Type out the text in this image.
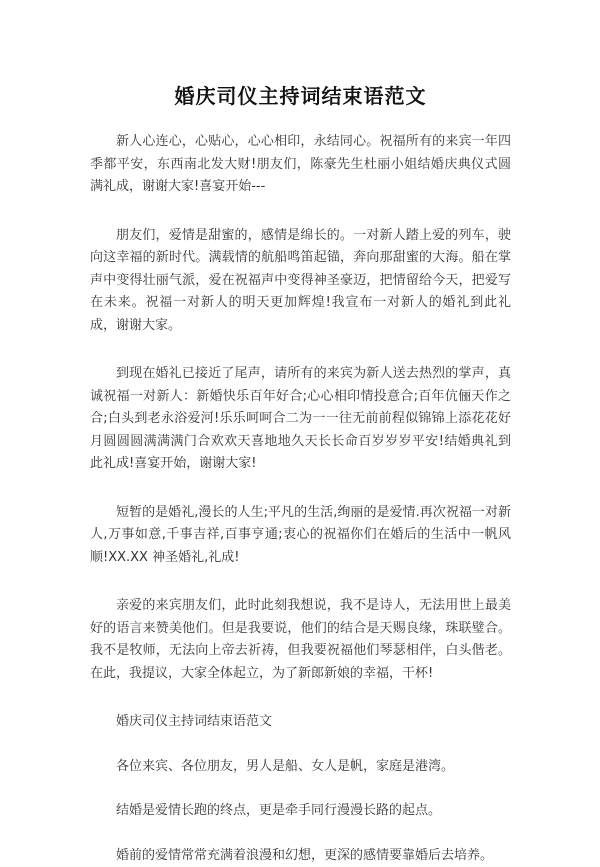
婚庆司仪主持词结束语范文

新人心连心，心贴心，心心相印，永结同心。祝福所有的来宾一年四季都平安，东西南北发大财!朋友们，陈豪先生杜丽小姐结婚庆典仪式圆满礼成，谢谢大家!喜宴开始---

朋友们，爱情是甜蜜的，感情是绵长的。一对新人踏上爱的列车，驶向这幸福的新时代。满载情的航船鸣笛起锚，奔向那甜蜜的大海。船在掌声中变得壮丽气派，爱在祝福声中变得神圣豪迈，把情留给今天，把爱写在未来。祝福一对新人的明天更加辉煌!我宣布一对新人的婚礼到此礼成，谢谢大家。

到现在婚礼已接近了尾声，请所有的来宾为新人送去热烈的掌声，真诚祝福一对新人：新婚快乐百年好合;心心相印情投意合;百年伉俪天作之合;白头到老永浴爱河!乐乐呵呵合二为一一往无前前程似锦锦上添花花好月圆圆圆满满满门合欢欢天喜地地久天长长命百岁岁岁平安!结婚典礼到此礼成!喜宴开始，谢谢大家!

短暂的是婚礼,漫长的人生;平凡的生活,绚丽的是爱情.再次祝福一对新人,万事如意,千事吉祥,百事亨通;衷心的祝福你们在婚后的生活中一帆风顺!XX.XX 神圣婚礼,礼成!

亲爱的来宾朋友们，此时此刻我想说，我不是诗人，无法用世上最美好的语言来赞美他们。但是我要说，他们的结合是天赐良缘，珠联璧合。我不是牧师，无法向上帝去祈祷，但我要祝福他们琴瑟相伴，白头偕老。在此，我提议，大家全体起立，为了新郎新娘的幸福，干杯!

婚庆司仪主持词结束语范文

各位来宾、各位朋友，男人是船、女人是帆，家庭是港湾。

结婚是爱情长跑的终点，更是牵手同行漫漫长路的起点。

婚前的爱情常常充满着浪漫和幻想，更深的感情要靠婚后去培养。
